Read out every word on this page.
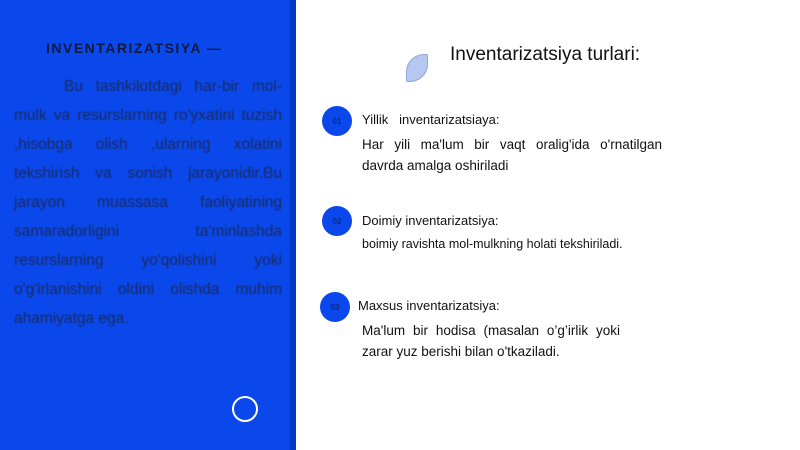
INVENTARIZATSIYA —
Bu tashkilotdagi har-bir mol-mulk va resurslarning ro'yxatini tuzish ,hisobga olish ,ularning xolatini tekshirish va sonish jarayonidir.Bu jarayon muassasa faoliyatining samaradorligini ta'minlashda resurslarning yo'qolishini yoki o'g'irlanishini oldini olishda muhim ahamiyatga ega.
Inventarizatsiya turlari:
01	Yillik   inventarizatsiaya:
Har yili ma'lum bir vaqt oralig'ida o'rnatilgan davrda amalga oshiriladi
02	Doimiy inventarizatsiya:
boimiy ravishta mol-mulkning holati tekshiriladi.
03	Maxsus inventarizatsiya:
Ma'lum bir hodisa (masalan o’g’irlik yoki zarar yuz berishi bilan o'tkaziladi.
